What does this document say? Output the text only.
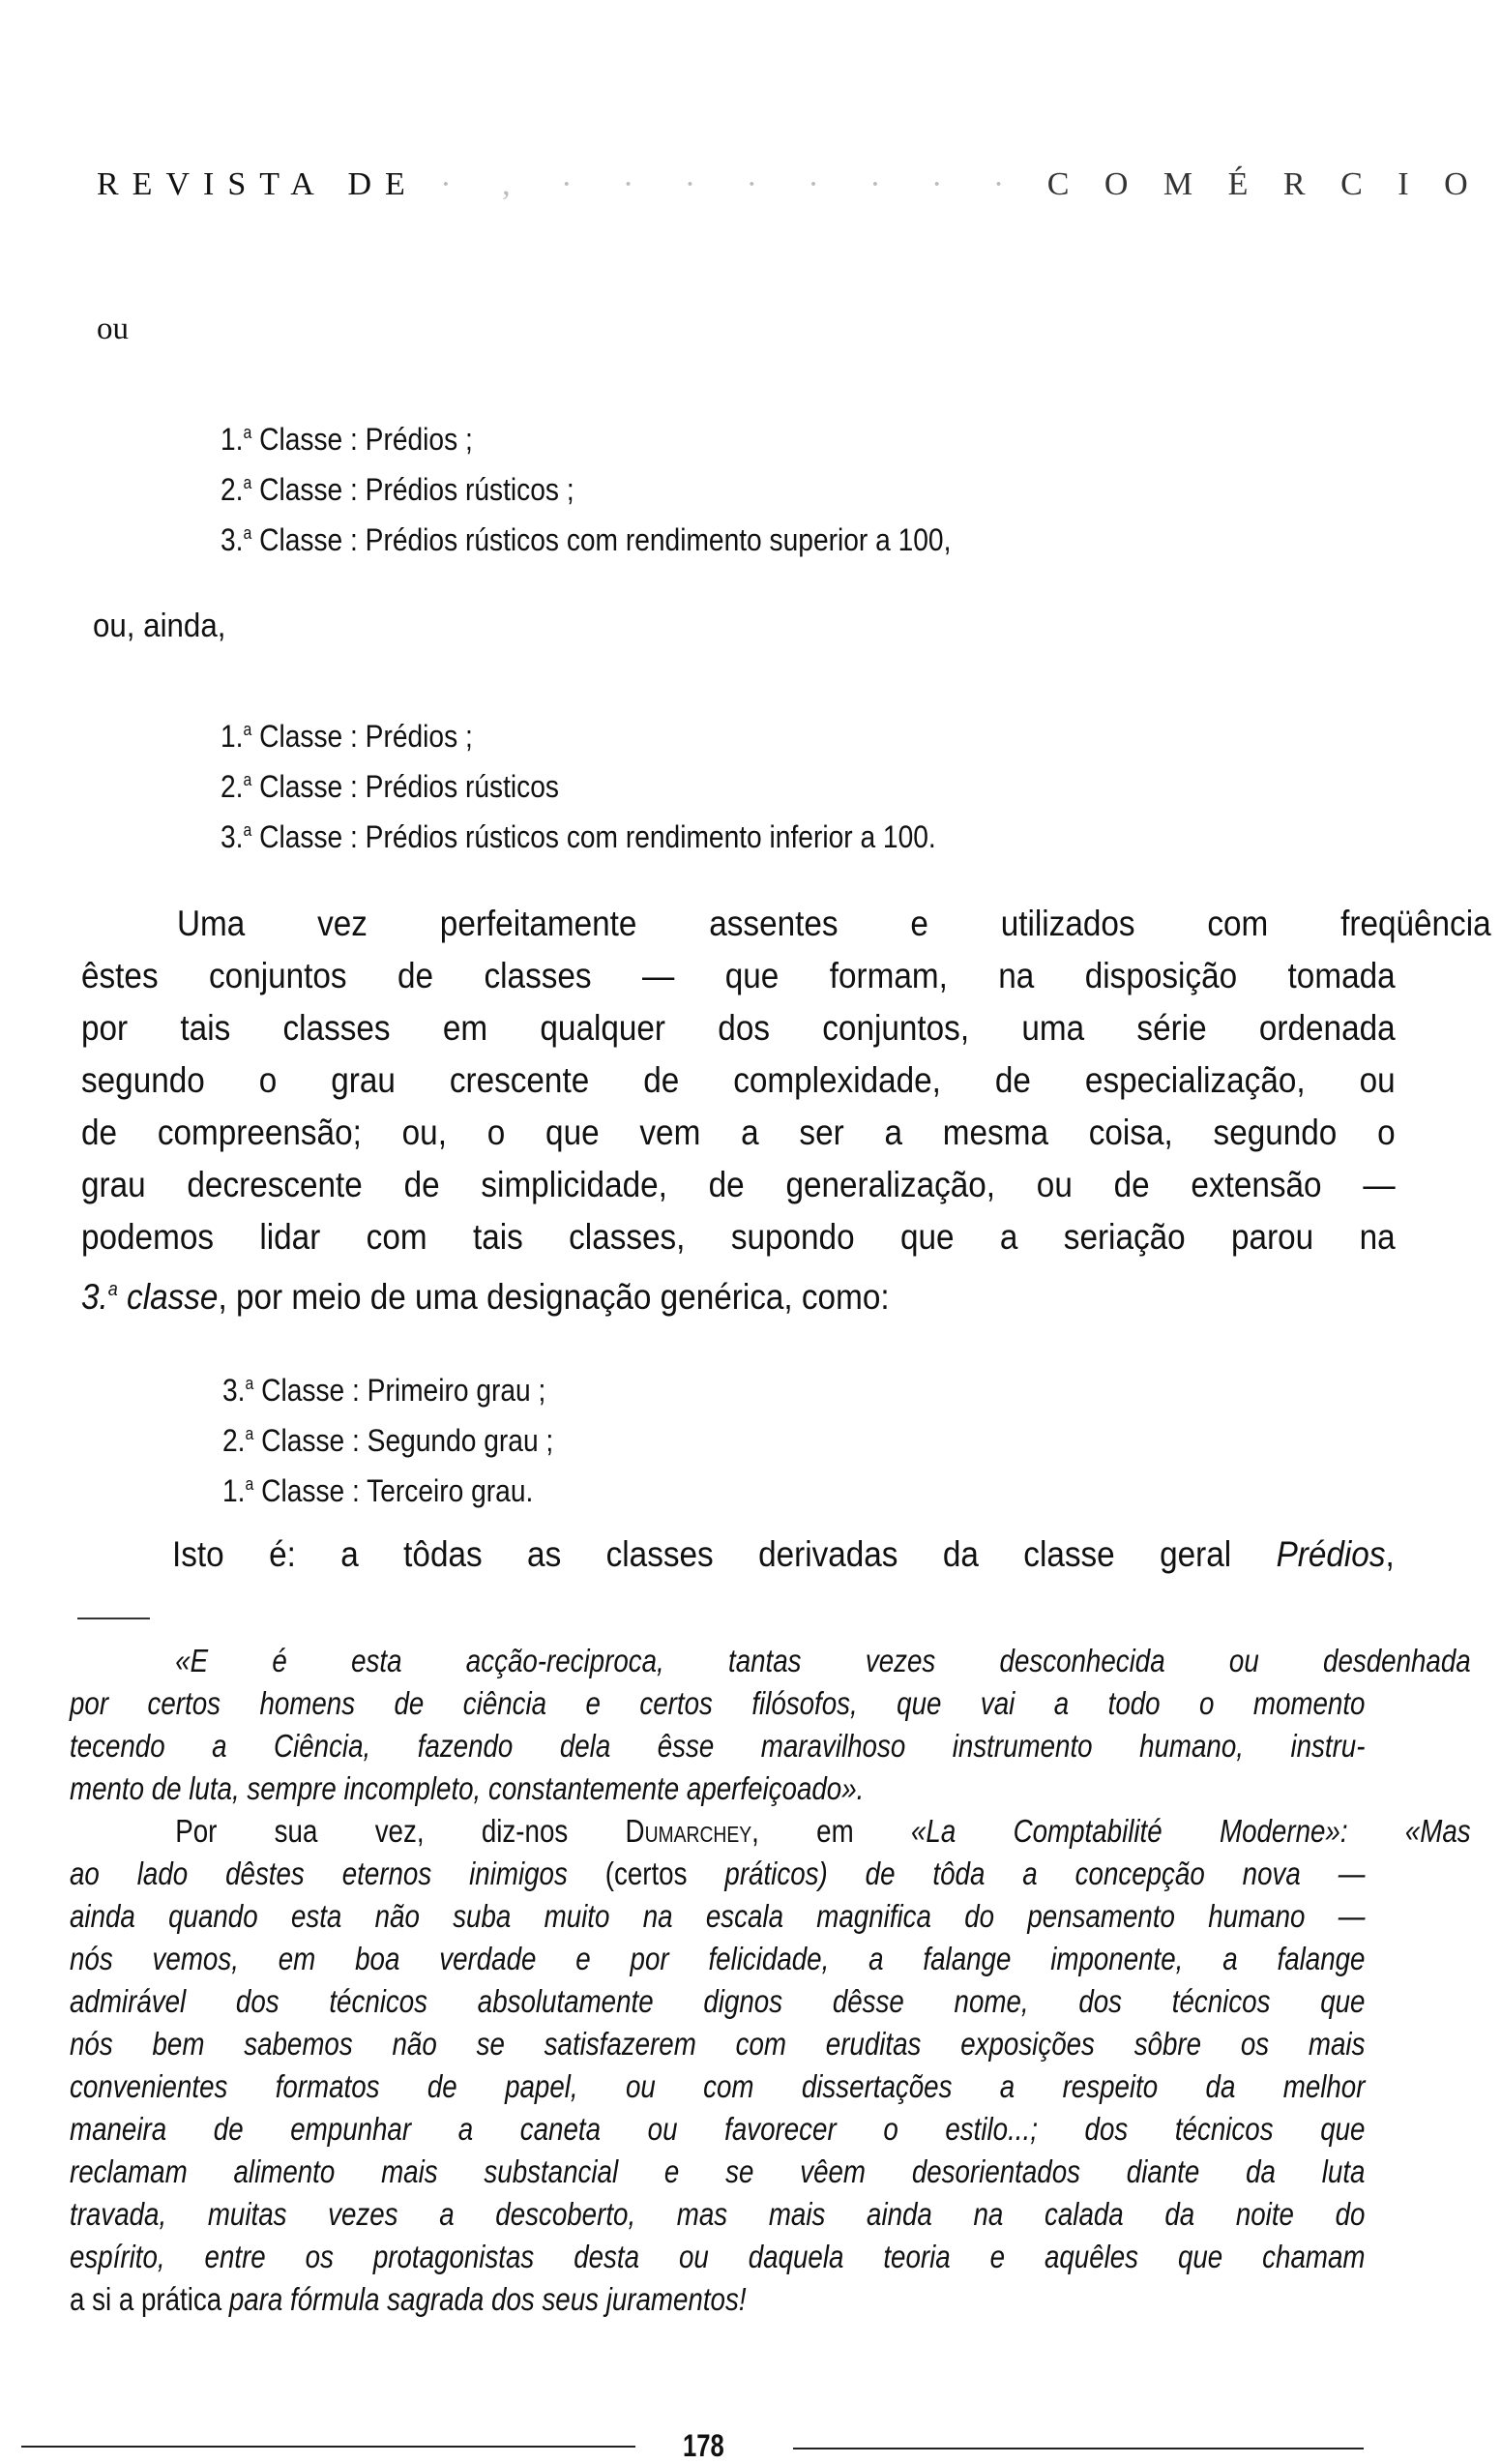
REVISTA DE · , · · · · · · · · C O M É R C I O
ou
1.$^a$ Classe : Prédios ;
2.$^a$ Classe : Prédios rústicos ;
3.$^a$ Classe : Prédios rústicos com rendimento superior a 100,
ou, ainda,
1.$^a$ Classe : Prédios ;
2.$^a$ Classe : Prédios rústicos
3.$^a$ Classe : Prédios rústicos com rendimento inferior a 100.
Uma vez perfeitamente assentes e utilizados com freqüência
êstes conjuntos de classes — que formam, na disposição tomada
por tais classes em qualquer dos conjuntos, uma série ordenada
segundo o grau crescente de complexidade, de especialização, ou
de compreensão; ou, o que vem a ser a mesma coisa, segundo o
grau decrescente de simplicidade, de generalização, ou de extensão —
podemos lidar com tais classes, supondo que a seriação parou na
3.$^a$ classe, por meio de uma designação genérica, como:
3.$^a$ Classe : Primeiro grau ;
2.$^a$ Classe : Segundo grau ;
1.$^a$ Classe : Terceiro grau.
Isto é: a tôdas as classes derivadas da classe geral Prédios,
«E é esta acção-reciproca, tantas vezes desconhecida ou desdenhada
por certos homens de ciência e certos filósofos, que vai a todo o momento
tecendo a Ciência, fazendo dela êsse maravilhoso instrumento humano, instru-
mento de luta, sempre incompleto, constantemente aperfeiçoado».
Por sua vez, diz-nos Dumarchey, em «La Comptabilité Moderne»: «Mas
ao lado dêstes eternos inimigos (certos práticos) de tôda a concepção nova —
ainda quando esta não suba muito na escala magnifica do pensamento humano —
nós vemos, em boa verdade e por felicidade, a falange imponente, a falange
admirável dos técnicos absolutamente dignos dêsse nome, dos técnicos que
nós bem sabemos não se satisfazerem com eruditas exposições sôbre os mais
convenientes formatos de papel, ou com dissertações a respeito da melhor
maneira de empunhar a caneta ou favorecer o estilo...; dos técnicos que
reclamam alimento mais substancial e se vêem desorientados diante da luta
travada, muitas vezes a descoberto, mas mais ainda na calada da noite do
espírito, entre os protagonistas desta ou daquela teoria e aquêles que chamam
a si a prática para fórmula sagrada dos seus juramentos!
178
